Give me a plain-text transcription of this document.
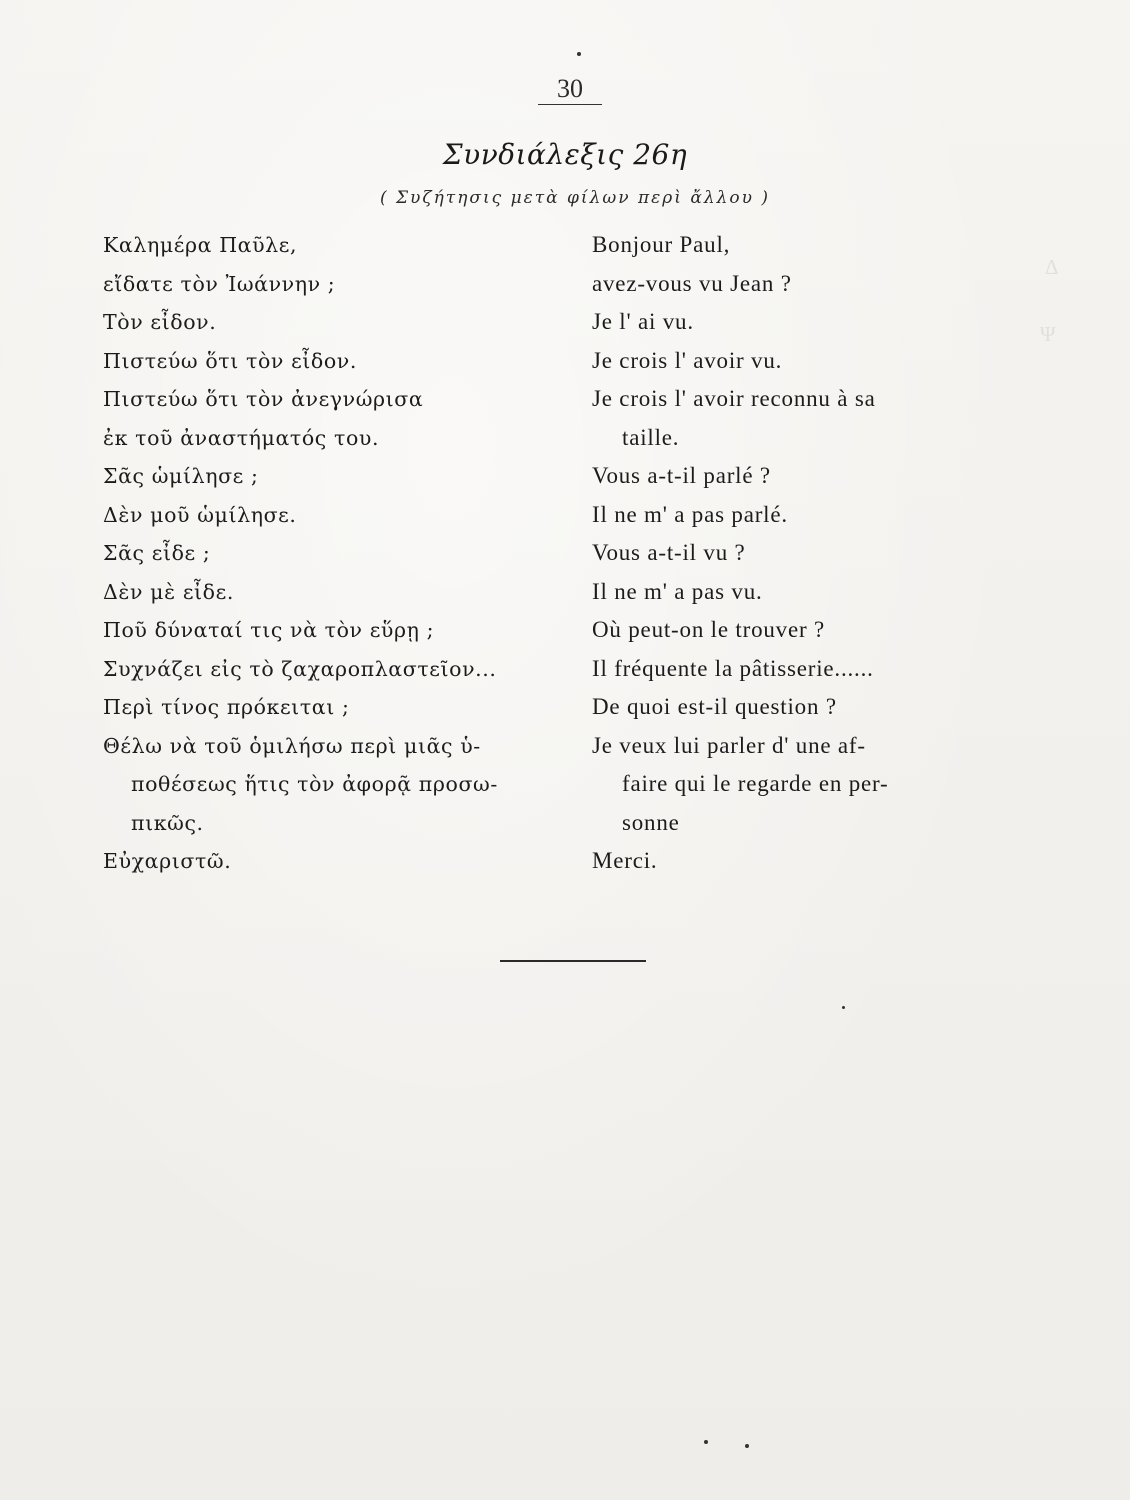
Δ
Ψ
30
Συνδιάλεξις 26η
( Συζήτησις μετὰ φίλων περὶ ἄλλου )
Καλημέρα Παῦλε,
εἴδατε τὸν Ἰωάννην ;
Τὸν εἶδον.
Πιστεύω ὅτι τὸν εἶδον.
Πιστεύω ὅτι τὸν ἀνεγνώρισα
ἐκ τοῦ ἀναστήματός του.
Σᾶς ὡμίλησε ;
Δὲν μοῦ ὡμίλησε.
Σᾶς εἶδε ;
Δὲν μὲ εἶδε.
Ποῦ δύναταί τις νὰ τὸν εὕρῃ ;
Συχνάζει εἰς τὸ ζαχαροπλαστεῖον...
Περὶ τίνος πρόκειται ;
Θέλω νὰ τοῦ ὁμιλήσω περὶ μιᾶς ὑ-
ποθέσεως ἥτις τὸν ἀφορᾷ προσω-
πικῶς.
Εὐχαριστῶ.
Bonjour Paul,
avez-vous vu Jean ?
Je l' ai vu.
Je crois l' avoir vu.
Je crois l' avoir reconnu à sa
taille.
Vous a-t-il parlé ?
Il ne m' a pas parlé.
Vous a-t-il vu ?
Il ne m' a pas vu.
Où peut-on le trouver ?
Il fréquente la pâtisserie......
De quoi est-il question ?
Je veux lui parler d' une af-
faire qui le regarde en per-
sonne
Merci.
